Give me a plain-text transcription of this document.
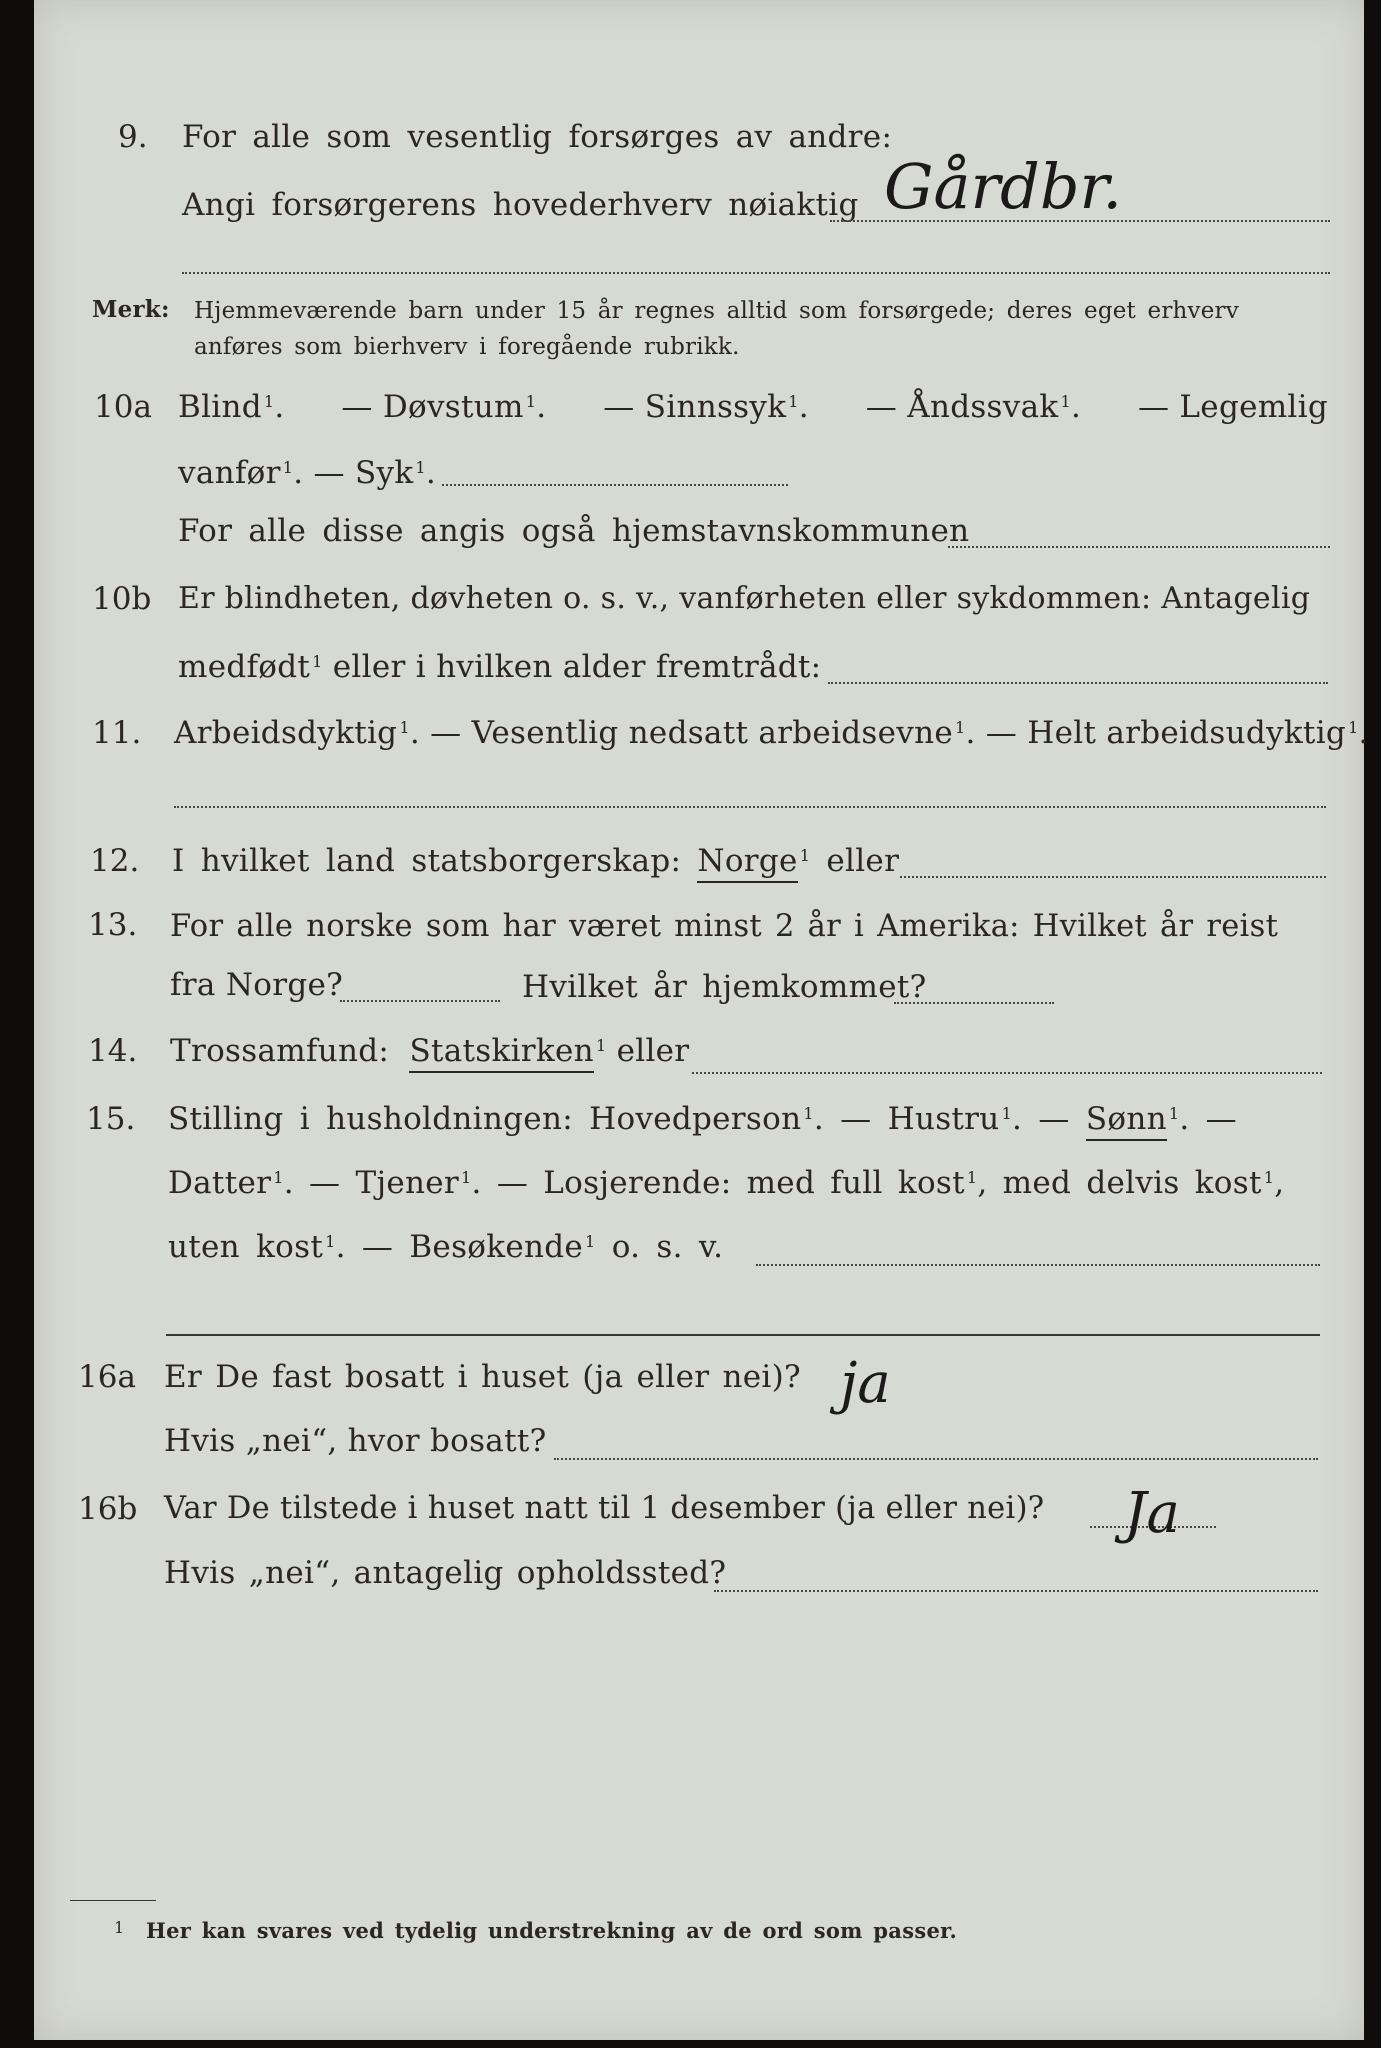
9. For alle som vesentlig forsørges av andre:
Angi forsørgerens hovederhverv nøiaktig Gårdbr.
Merk: Hjemmeværende barn under 15 år regnes alltid som forsørgede; deres eget erhverv
anføres som bierhverv i foregående rubrikk.
10a Blind $^1$. — Døvstum $^1$. — Sinnssyk $^1$. — Åndssvak $^1$. — Legemlig
vanfør $^1$. — Syk $^1$.
For alle disse angis også hjemstavnskommunen
10b Er blindheten, døvheten o. s. v., vanførheten eller sykdommen: Antagelig
medfødt $^1$ eller i hvilken alder fremtrådt:
11. Arbeidsdyktig $^1$. — Vesentlig nedsatt arbeidsevne $^1$. — Helt arbeidsudyktig $^1$.
12. I hvilket land statsborgerskap: Norge $^1$ eller
13. For alle norske som har været minst 2 år i Amerika: Hvilket år reist
fra Norge?	Hvilket år hjemkommet?
14. Trossamfund: Statskirken $^1$ eller
15. Stilling i husholdningen: Hovedperson $^1$. — Hustru $^1$. — Sønn $^1$. —
Datter $^1$. — Tjener $^1$. — Losjerende: med full kost $^1$, med delvis kost $^1$,
uten kost $^1$. — Besøkende $^1$ o. s. v.
16a Er De fast bosatt i huset (ja eller nei)? ja
Hvis „nei“, hvor bosatt?
16b Var De tilstede i huset natt til 1 desember (ja eller nei)? Ja
Hvis „nei“, antagelig opholdssted?
1 Her kan svares ved tydelig understrekning av de ord som passer.
